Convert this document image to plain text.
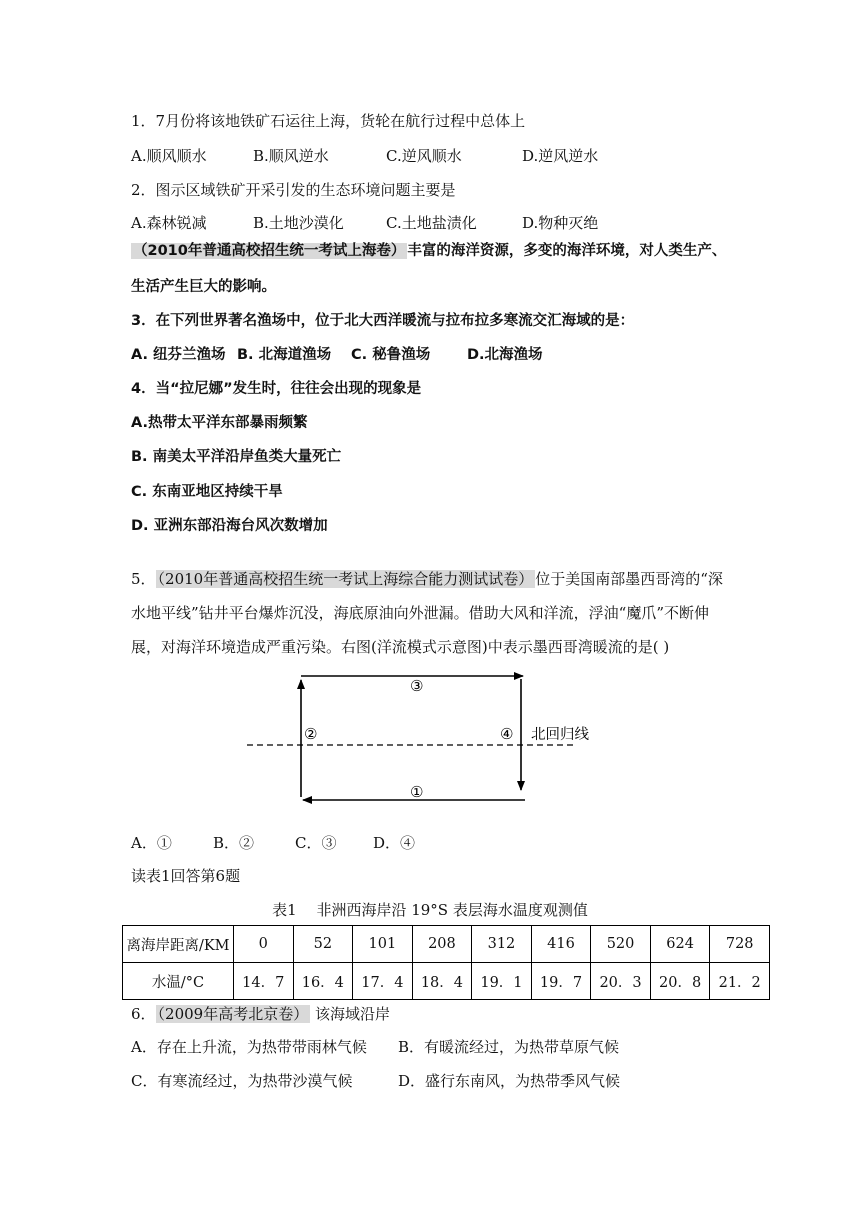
1．7月份将该地铁矿石运往上海，货轮在航行过程中总体上
A.顺风顺水	B.顺风逆水	C.逆风顺水	D.逆风逆水
2．图示区域铁矿开采引发的生态环境问题主要是
A.森林锐减	B.土地沙漠化	C.土地盐渍化	D.物种灭绝
（2010年普通高校招生统一考试上海卷） 丰富的海洋资源，多变的海洋环境，对人类生产、
生活产生巨大的影响。
3．在下列世界著名渔场中，位于北大西洋暖流与拉布拉多寒流交汇海域的是：
A. 纽芬兰渔场 B. 北海道渔场 C. 秘鲁渔场	D.北海渔场
4．当“拉尼娜”发生时，往往会出现的现象是
A.热带太平洋东部暴雨频繁
B. 南美太平洋沿岸鱼类大量死亡
C. 东南亚地区持续干旱
D. 亚洲东部沿海台风次数增加
5． （2010年普通高校招生统一考试上海综合能力测试试卷） 位于美国南部墨西哥湾的“深
水地平线”钻井平台爆炸沉没，海底原油向外泄漏。借助大风和洋流，浮油“魔爪”不断伸
展，对海洋环境造成严重污染。右图(洋流模式示意图)中表示墨西哥湾暖流的是( )
③
②	④ 北回归线
①
A．①	B．②	C．③ D．④
读表1回答第6题
表1　 非洲西海岸沿 19°S 表层海水温度观测值
离海岸距离/KM	0	52	101	208	312	416	520	624	728
水温/°C	14．7	16．4	17．4	18．4	19．1	19．7	20．3	20．8	21．2
6． （2009年高考北京卷） 该海域沿岸
A．存在上升流，为热带带雨林气候 B．有暖流经过，为热带草原气候
C．有寒流经过，为热带沙漠气候	D．盛行东南风，为热带季风气候
